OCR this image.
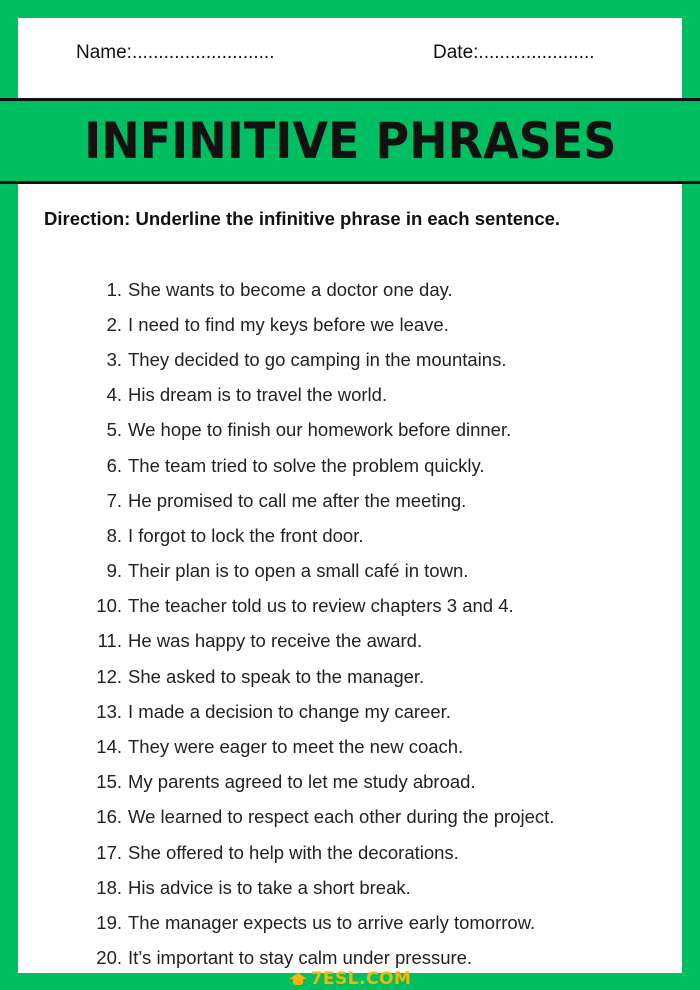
Name:...........................	Date:......................
INFINITIVE PHRASES
Direction: Underline the infinitive phrase in each sentence.
1. She wants to become a doctor one day.
2. I need to find my keys before we leave.
3. They decided to go camping in the mountains.
4. His dream is to travel the world.
5. We hope to finish our homework before dinner.
6. The team tried to solve the problem quickly.
7. He promised to call me after the meeting.
8. I forgot to lock the front door.
9. Their plan is to open a small café in town.
10. The teacher told us to review chapters 3 and 4.
11. He was happy to receive the award.
12. She asked to speak to the manager.
13. I made a decision to change my career.
14. They were eager to meet the new coach.
15. My parents agreed to let me study abroad.
16. We learned to respect each other during the project.
17. She offered to help with the decorations.
18. His advice is to take a short break.
19. The manager expects us to arrive early tomorrow.
20. It’s important to stay calm under pressure.
7ESL.COM
